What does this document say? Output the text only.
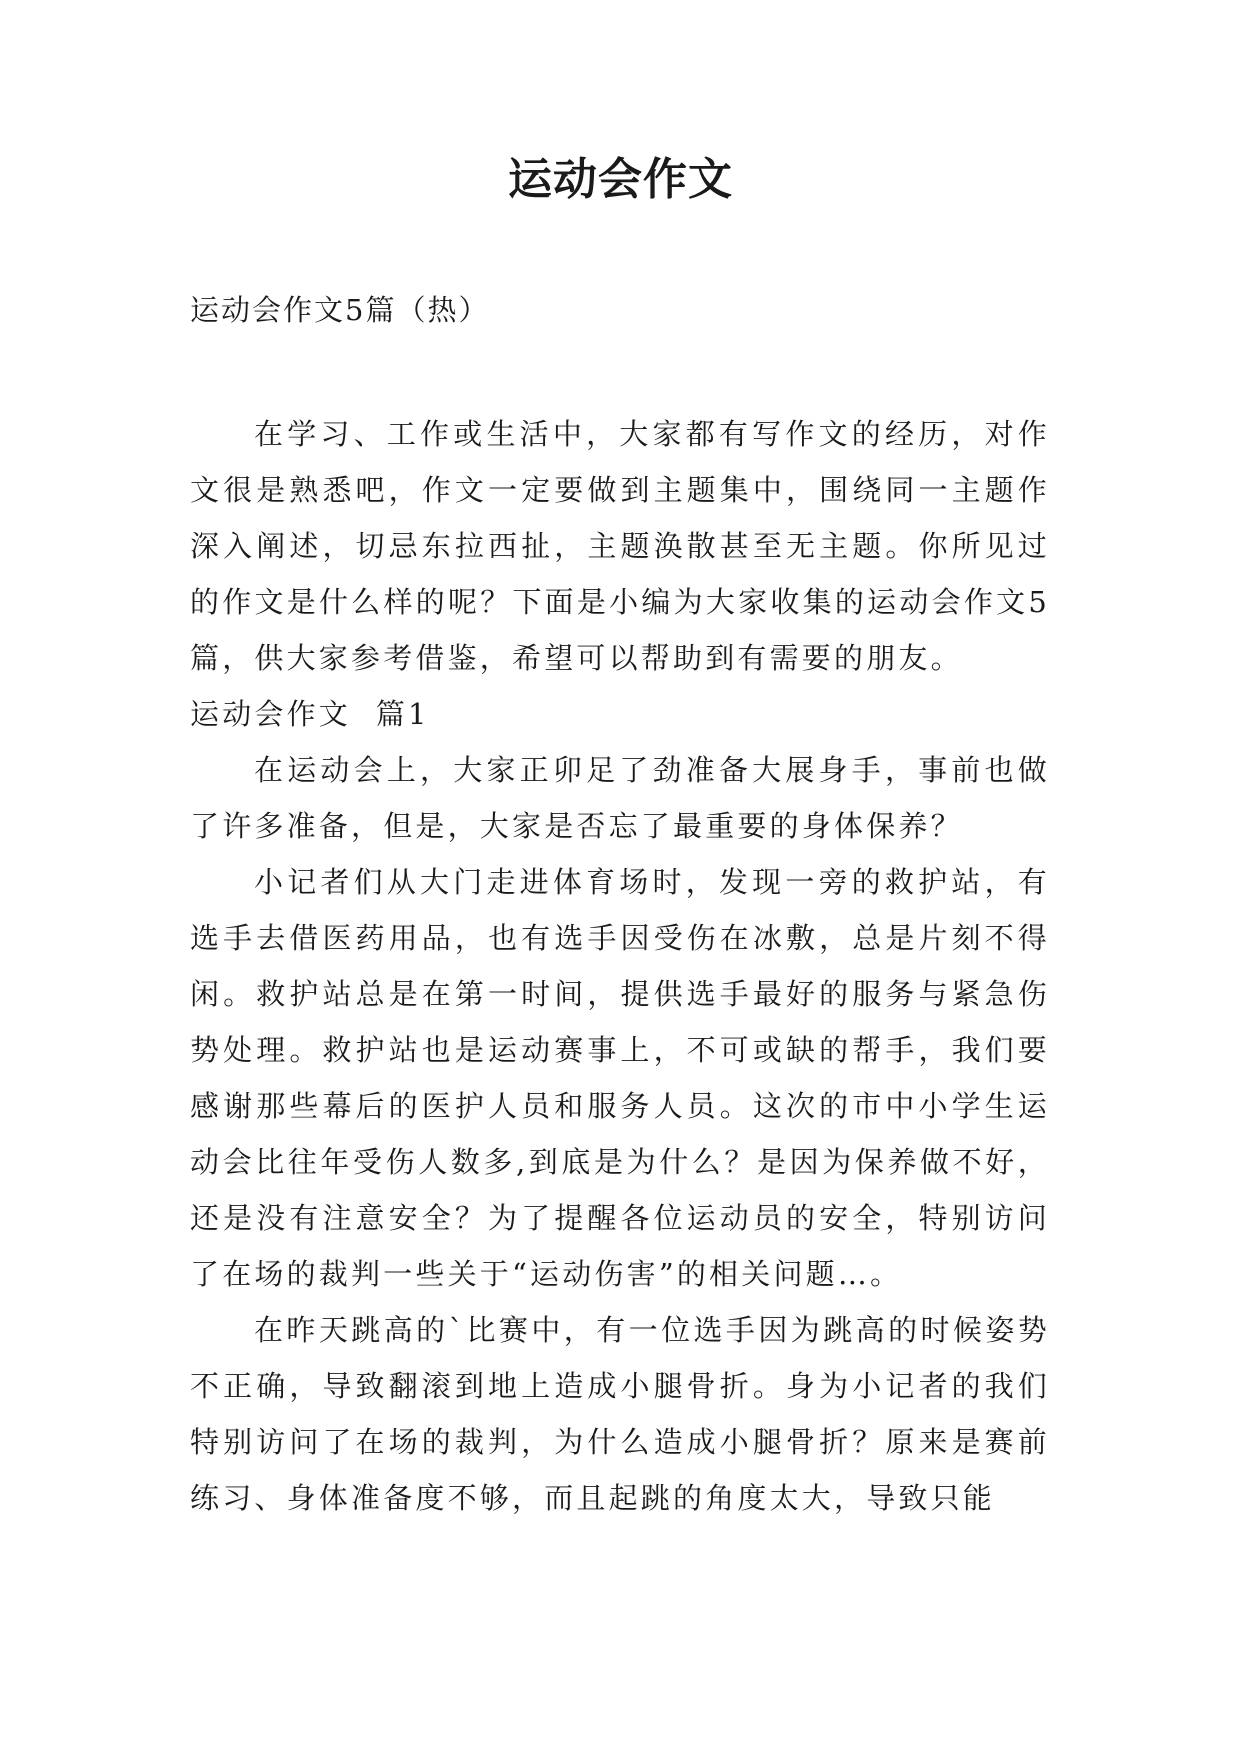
运动会作文

运动会作文5篇（热）

在学习、工作或生活中，大家都有写作文的经历，对作文很是熟悉吧，作文一定要做到主题集中，围绕同一主题作深入阐述，切忌东拉西扯，主题涣散甚至无主题。你所见过的作文是什么样的呢？下面是小编为大家收集的运动会作文5篇，供大家参考借鉴，希望可以帮助到有需要的朋友。

运动会作文  篇1

在运动会上，大家正卯足了劲准备大展身手，事前也做了许多准备，但是，大家是否忘了最重要的身体保养？

小记者们从大门走进体育场时，发现一旁的救护站，有选手去借医药用品，也有选手因受伤在冰敷，总是片刻不得闲。救护站总是在第一时间，提供选手最好的服务与紧急伤势处理。救护站也是运动赛事上，不可或缺的帮手，我们要感谢那些幕后的医护人员和服务人员。这次的市中小学生运动会比往年受伤人数多,到底是为什么？是因为保养做不好，还是没有注意安全？为了提醒各位运动员的安全，特别访问了在场的裁判一些关于“运动伤害”的相关问题…。

在昨天跳高的`比赛中，有一位选手因为跳高的时候姿势不正确，导致翻滚到地上造成小腿骨折。身为小记者的我们特别访问了在场的裁判，为什么造成小腿骨折？原来是赛前练习、身体准备度不够，而且起跳的角度太大，导致只能
